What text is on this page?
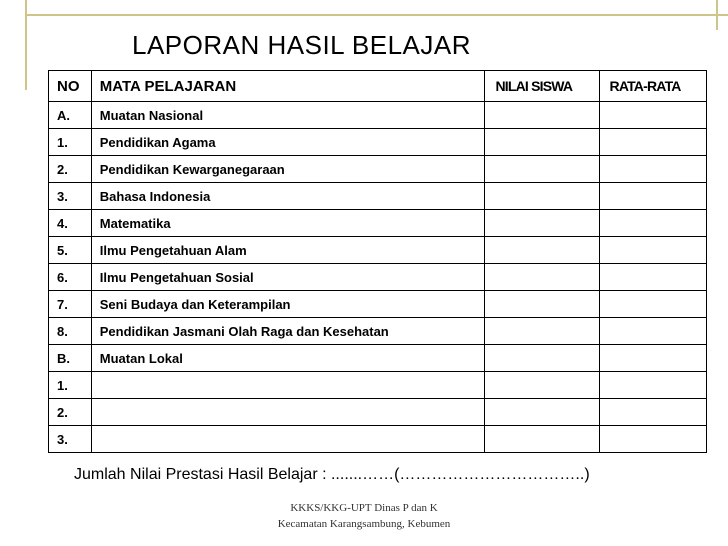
LAPORAN HASIL BELAJAR
NO	MATA PELAJARAN	NILAI SISWA	RATA-RATA
A.	Muatan Nasional		
1.	Pendidikan Agama		
2.	Pendidikan Kewarganegaraan		
3.	Bahasa Indonesia		
4.	Matematika		
5.	Ilmu Pengetahuan Alam		
6.	Ilmu Pengetahuan Sosial		
7.	Seni Budaya dan Keterampilan		
8.	Pendidikan Jasmani Olah Raga dan Kesehatan		
B.	Muatan Lokal		
1.			
2.			
3.			
Jumlah Nilai Prestasi Hasil Belajar : .......……(……………………………..)
KKKS/KKG-UPT Dinas P dan K
Kecamatan Karangsambung, Kebumen
